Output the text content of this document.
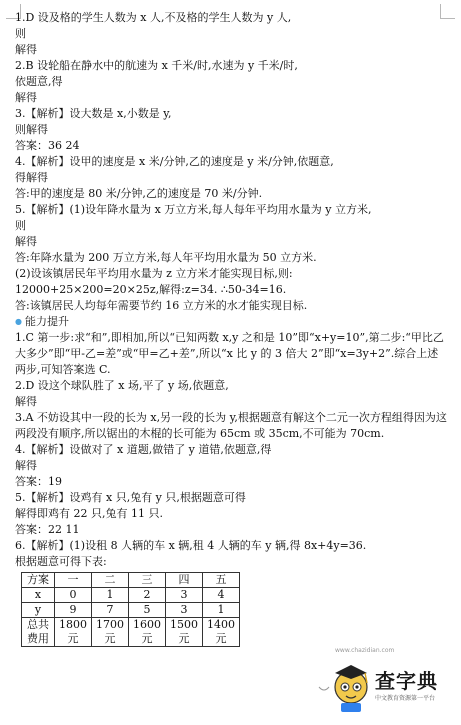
1.D 设及格的学生人数为 x 人,不及格的学生人数为 y 人,

则

解得

2.B 设轮船在静水中的航速为 x 千米/时,水速为 y 千米/时,

依题意,得

解得

3.【解析】设大数是 x,小数是 y,

则解得

答案：36 24

4.【解析】设甲的速度是 x 米/分钟,乙的速度是 y 米/分钟,依题意,

得解得

答:甲的速度是 80 米/分钟,乙的速度是 70 米/分钟.

5.【解析】(1)设年降水量为 x 万立方米,每人每年平均用水量为 y 立方米,

则

解得

答:年降水量为 200 万立方米,每人年平均用水量为 50 立方米.

(2)设该镇居民年平均用水量为 z 立方米才能实现目标,则:

12000+25×200=20×25z,解得:z=34. ∴50-34=16.

答:该镇居民人均每年需要节约 16 立方米的水才能实现目标.

● 能力提升

1.C 第一步:求“和”,即相加,所以“已知两数 x,y 之和是 10”即“x+y=10”,第二步:“甲比乙大多少”即“甲-乙=差”或“甲=乙+差”,所以“x 比 y 的 3 倍大 2”即“x=3y+2”.综合上述两步,可知答案选 C.

2.D 设这个球队胜了 x 场,平了 y 场,依题意,

解得

3.A 不妨设其中一段的长为 x,另一段的长为 y,根据题意有解这个二元一次方程组得因为这两段没有顺序,所以锯出的木棍的长可能为 65cm 或 35cm,不可能为 70cm.

4.【解析】设做对了 x 道题,做错了 y 道错,依题意,得

解得

答案：19

5.【解析】设鸡有 x 只,兔有 y 只,根据题意可得

解得即鸡有 22 只,兔有 11 只.

答案：22 11

6.【解析】(1)设租 8 人辆的车 x 辆,租 4 人辆的车 y 辆,得 8x+4y=36.

根据题意可得下表:

方案	一	二	三	四	五
x	0	1	2	3	4
y	9	7	5	3	1
总共费用	1800元	1700元	1600元	1500元	1400元
www.chazidian.com
查字典
中文教育资源第一平台
